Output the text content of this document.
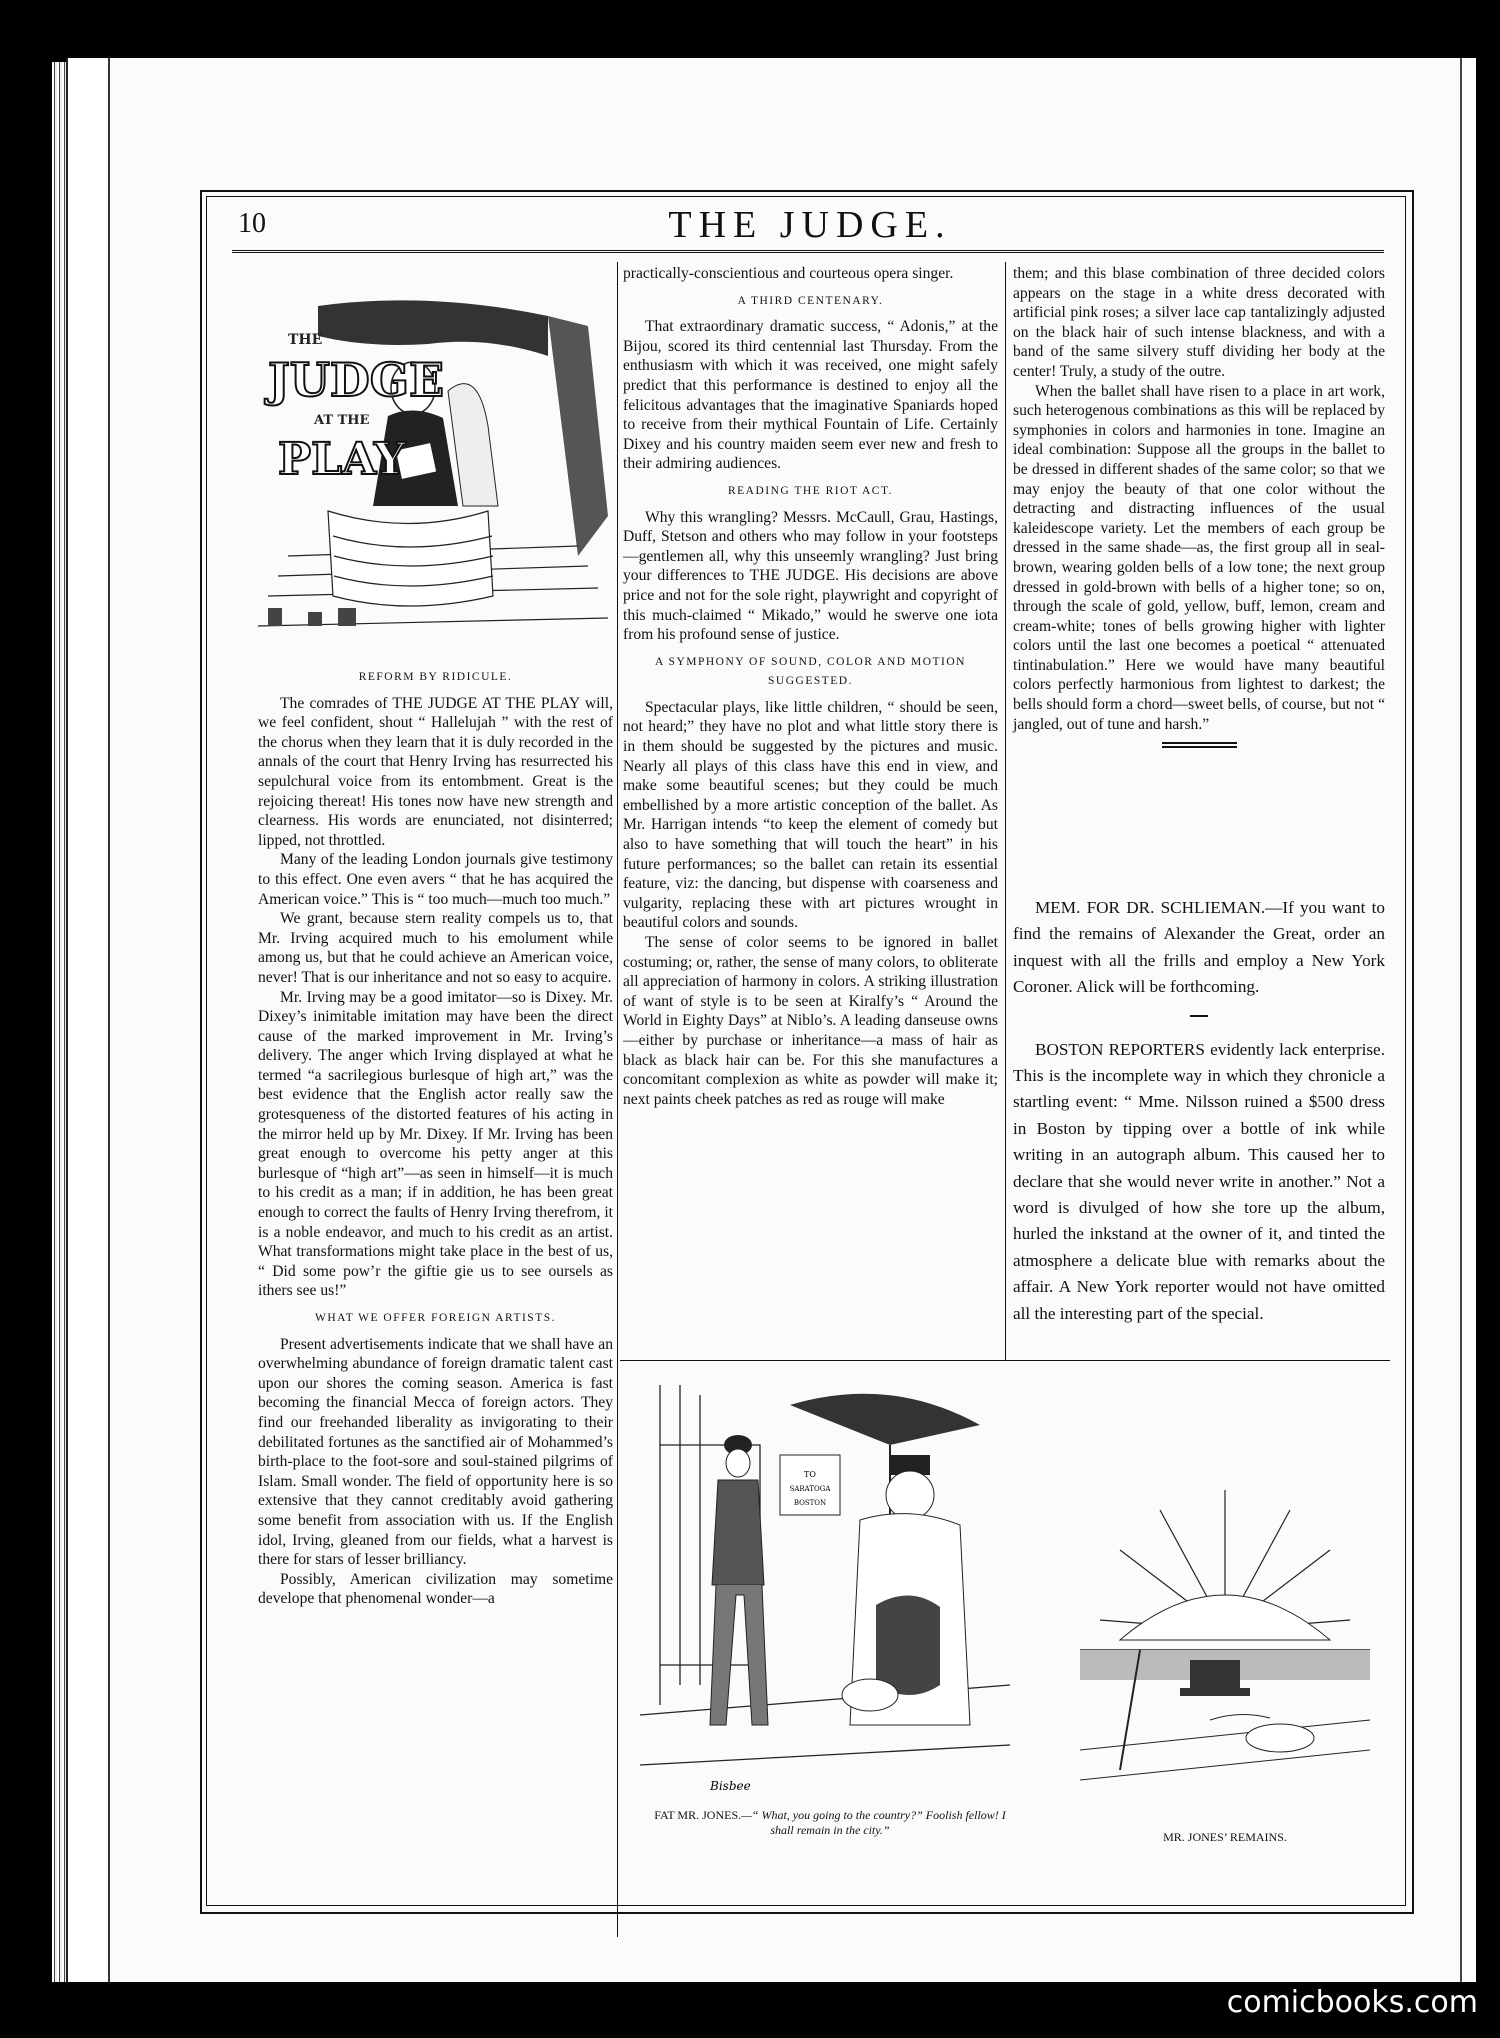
10	THE JUDGE.
THE
JUDGE
AT THE
PLAY
REFORM BY RIDICULE.

The comrades of THE JUDGE AT THE PLAY will, we feel confident, shout “ Hallelujah ” with the rest of the chorus when they learn that it is duly recorded in the annals of the court that Henry Irving has resurrected his sepulchural voice from its entombment. Great is the rejoicing thereat! His tones now have new strength and clearness. His words are enunciated, not disinterred; lipped, not throttled.

Many of the leading London journals give testimony to this effect. One even avers “ that he has acquired the American voice.” This is “ too much—much too much.”

We grant, because stern reality compels us to, that Mr. Irving acquired much to his emolument while among us, but that he could achieve an American voice, never! That is our inheritance and not so easy to acquire.

Mr. Irving may be a good imitator—so is Dixey. Mr. Dixey’s inimitable imitation may have been the direct cause of the marked improvement in Mr. Irving’s delivery. The anger which Irving displayed at what he termed “a sacrilegious burlesque of high art,” was the best evidence that the English actor really saw the grotesqueness of the distorted features of his acting in the mirror held up by Mr. Dixey. If Mr. Irving has been great enough to overcome his petty anger at this burlesque of “high art”—as seen in himself—it is much to his credit as a man; if in addition, he has been great enough to correct the faults of Henry Irving therefrom, it is a noble endeavor, and much to his credit as an artist. What transformations might take place in the best of us, “ Did some pow’r the giftie gie us to see oursels as ithers see us!”

WHAT WE OFFER FOREIGN ARTISTS.

Present advertisements indicate that we shall have an overwhelming abundance of foreign dramatic talent cast upon our shores the coming season. America is fast becoming the financial Mecca of foreign actors. They find our freehanded liberality as invigorating to their debilitated fortunes as the sanctified air of Mohammed’s birth-place to the foot-sore and soul-stained pilgrims of Islam. Small wonder. The field of opportunity here is so extensive that they cannot creditably avoid gathering some benefit from association with us. If the English idol, Irving, gleaned from our fields, what a harvest is there for stars of lesser brilliancy.

Possibly, American civilization may sometime develope that phenomenal wonder—a

practically-conscientious and courteous opera singer.

A THIRD CENTENARY.

That extraordinary dramatic success, “ Adonis,” at the Bijou, scored its third centennial last Thursday. From the enthusiasm with which it was received, one might safely predict that this performance is destined to enjoy all the felicitous advantages that the imaginative Spaniards hoped to receive from their mythical Fountain of Life. Certainly Dixey and his country maiden seem ever new and fresh to their admiring audiences.

READING THE RIOT ACT.

Why this wrangling? Messrs. McCaull, Grau, Hastings, Duff, Stetson and others who may follow in your footsteps—gentlemen all, why this unseemly wrangling? Just bring your differences to THE JUDGE. His decisions are above price and not for the sole right, playwright and copyright of this much-claimed “ Mikado,” would he swerve one iota from his profound sense of justice.

A SYMPHONY OF SOUND, COLOR AND MOTION SUGGESTED.

Spectacular plays, like little children, “ should be seen, not heard;” they have no plot and what little story there is in them should be suggested by the pictures and music. Nearly all plays of this class have this end in view, and make some beautiful scenes; but they could be much embellished by a more artistic conception of the ballet. As Mr. Harrigan intends “to keep the element of comedy but also to have something that will touch the heart” in his future performances; so the ballet can retain its essential feature, viz: the dancing, but dispense with coarseness and vulgarity, replacing these with art pictures wrought in beautiful colors and sounds.

The sense of color seems to be ignored in ballet costuming; or, rather, the sense of many colors, to obliterate all appreciation of harmony in colors. A striking illustration of want of style is to be seen at Kiralfy’s “ Around the World in Eighty Days” at Niblo’s. A leading danseuse owns—either by purchase or inheritance—a mass of hair as black as black hair can be. For this she manufactures a concomitant complexion as white as powder will make it; next paints cheek patches as red as rouge will make

them; and this blase combination of three decided colors appears on the stage in a white dress decorated with artificial pink roses; a silver lace cap tantalizingly adjusted on the black hair of such intense blackness, and with a band of the same silvery stuff dividing her body at the center! Truly, a study of the outre.

When the ballet shall have risen to a place in art work, such heterogenous combinations as this will be replaced by symphonies in colors and harmonies in tone. Imagine an ideal combination: Suppose all the groups in the ballet to be dressed in different shades of the same color; so that we may enjoy the beauty of that one color without the detracting and distracting influences of the usual kaleidescope variety. Let the members of each group be dressed in the same shade—as, the first group all in seal-brown, wearing golden bells of a low tone; the next group dressed in gold-brown with bells of a higher tone; so on, through the scale of gold, yellow, buff, lemon, cream and cream-white; tones of bells growing higher with lighter colors until the last one becomes a poetical “ attenuated tintinabulation.” Here we would have many beautiful colors perfectly harmonious from lightest to darkest; the bells should form a chord—sweet bells, of course, but not “ jangled, out of tune and harsh.”

MEM. FOR DR. SCHLIEMAN.—If you want to find the remains of Alexander the Great, order an inquest with all the frills and employ a New York Coroner. Alick will be forthcoming.

BOSTON REPORTERS evidently lack enterprise. This is the incomplete way in which they chronicle a startling event: “ Mme. Nilsson ruined a $500 dress in Boston by tipping over a bottle of ink while writing in an autograph album. This caused her to declare that she would never write in another.” Not a word is divulged of how she tore up the album, hurled the inkstand at the owner of it, and tinted the atmosphere a delicate blue with remarks about the affair. A New York reporter would not have omitted all the interesting part of the special.

TO
SARATOGA
BOSTON
Bisbee
FAT MR. JONES.—“ What, you going to the country?” Foolish fellow! I shall remain in the city.”	MR. JONES’ REMAINS.
comicbooks.com
